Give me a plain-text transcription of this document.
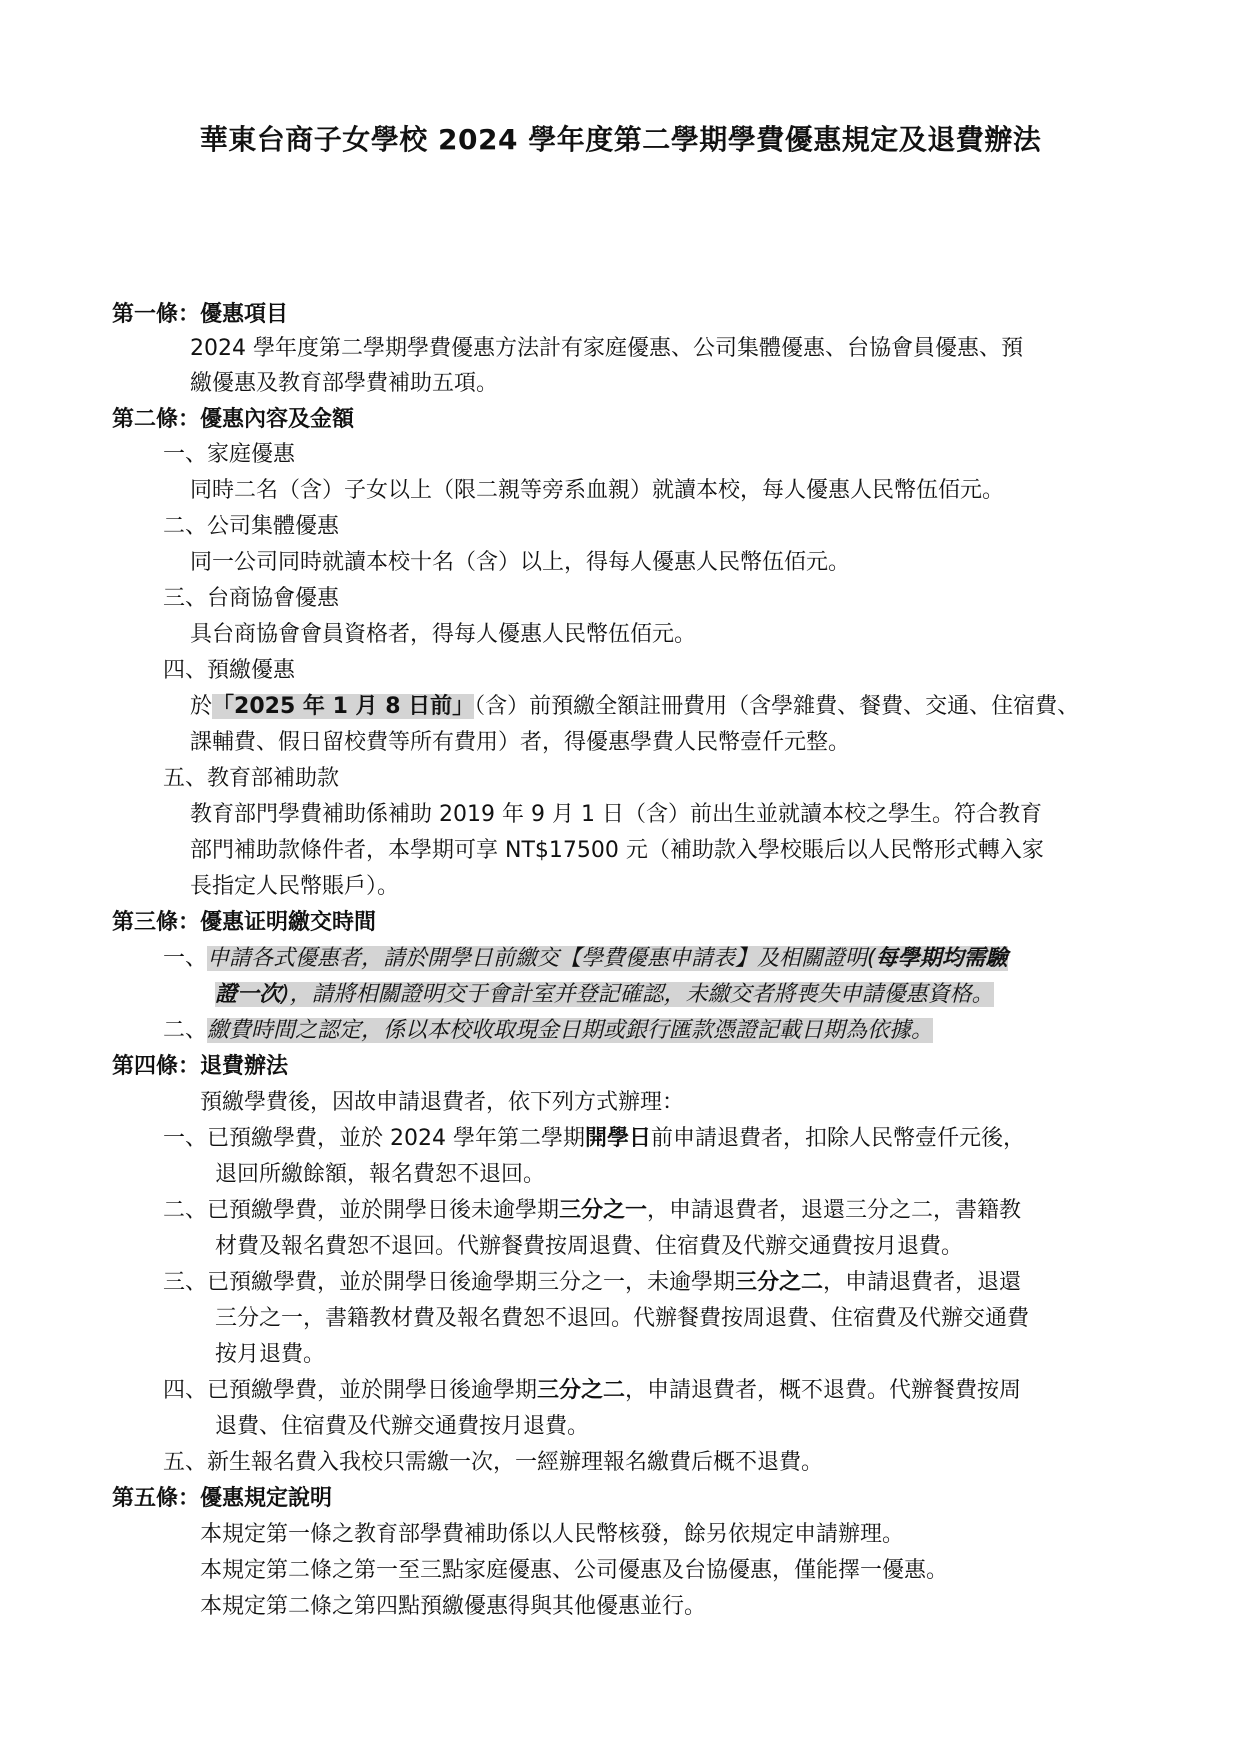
華東台商子女學校 2024 學年度第二學期學費優惠規定及退費辦法
第一條：優惠項目
2024 學年度第二學期學費優惠方法計有家庭優惠、公司集體優惠、台協會員優惠、預
繳優惠及教育部學費補助五項。
第二條：優惠內容及金額
一、家庭優惠
同時二名（含）子女以上（限二親等旁系血親）就讀本校，每人優惠人民幣伍佰元。
二、公司集體優惠
同一公司同時就讀本校十名（含）以上，得每人優惠人民幣伍佰元。
三、台商協會優惠
具台商協會會員資格者，得每人優惠人民幣伍佰元。
四、預繳優惠
於「2025 年 1 月 8 日前」（含）前預繳全額註冊費用（含學雜費、餐費、交通、住宿費、
課輔費、假日留校費等所有費用）者，得優惠學費人民幣壹仟元整。
五、教育部補助款
教育部門學費補助係補助 2019 年 9 月 1 日（含）前出生並就讀本校之學生。符合教育
部門補助款條件者，本學期可享 NT$17500 元（補助款入學校賬后以人民幣形式轉入家
長指定人民幣賬戶）。
第三條：優惠证明繳交時間
一、申請各式優惠者，請於開學日前繳交【學費優惠申請表】及相關證明(每學期均需驗
證一次)，請將相關證明交于會計室并登記確認，未繳交者將喪失申請優惠資格。
二、繳費時間之認定，係以本校收取現金日期或銀行匯款憑證記載日期為依據。
第四條：退費辦法
預繳學費後，因故申請退費者，依下列方式辦理：
一、已預繳學費，並於 2024 學年第二學期開學日前申請退費者，扣除人民幣壹仟元後，
退回所繳餘額，報名費恕不退回。
二、已預繳學費，並於開學日後未逾學期三分之一，申請退費者，退還三分之二，書籍教
材費及報名費恕不退回。代辦餐費按周退費、住宿費及代辦交通費按月退費。
三、已預繳學費，並於開學日後逾學期三分之一，未逾學期三分之二，申請退費者，退還
三分之一，書籍教材費及報名費恕不退回。代辦餐費按周退費、住宿費及代辦交通費
按月退費。
四、已預繳學費，並於開學日後逾學期三分之二，申請退費者，概不退費。代辦餐費按周
退費、住宿費及代辦交通費按月退費。
五、新生報名費入我校只需繳一次，一經辦理報名繳費后概不退費。
第五條：優惠規定說明
本規定第一條之教育部學費補助係以人民幣核發，餘另依規定申請辦理。
本規定第二條之第一至三點家庭優惠、公司優惠及台協優惠，僅能擇一優惠。
本規定第二條之第四點預繳優惠得與其他優惠並行。
